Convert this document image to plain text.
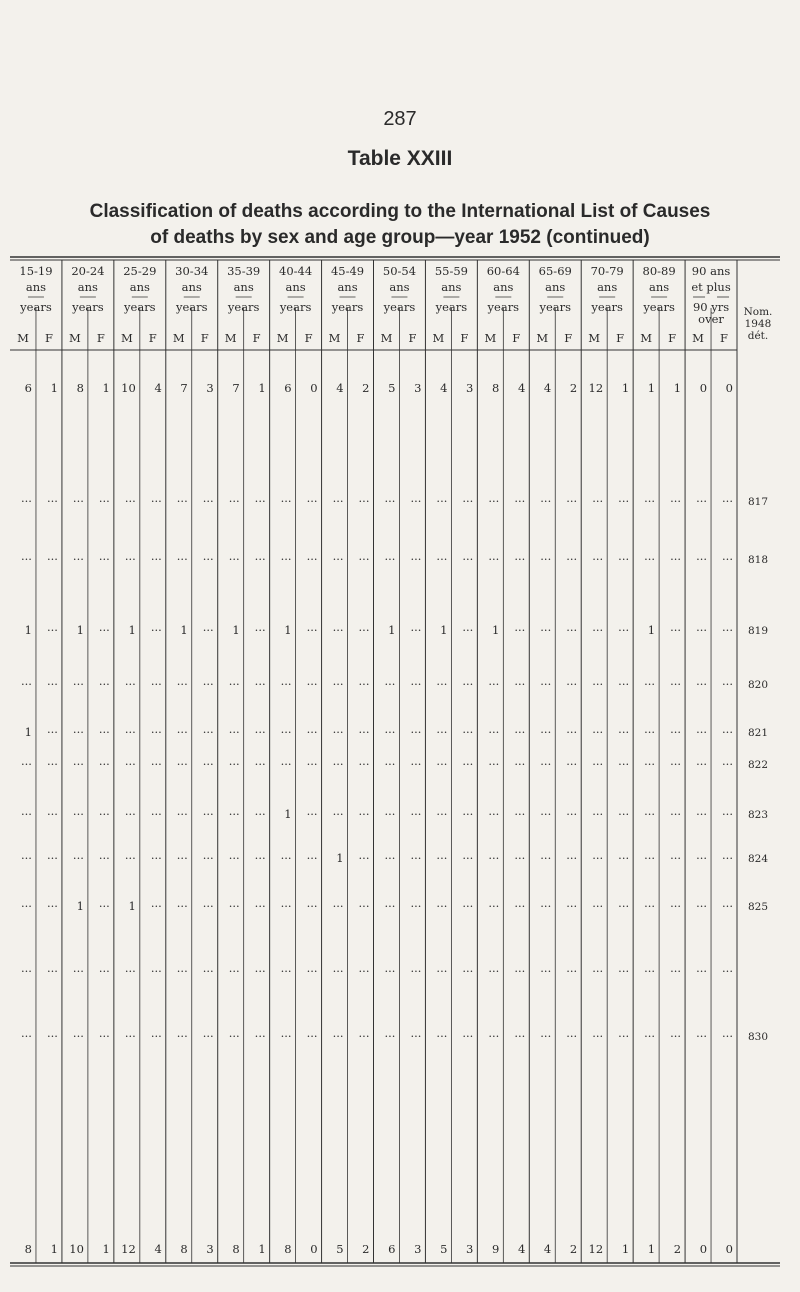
287
Table XXIII
Classification of deaths according to the International List of Causes
of deaths by sex and age group—year 1952 (continued)
15-19
ans
years
20-24
ans
years
25-29
ans
years
30-34
ans
years
35-39
ans
years
40-44
ans
years
45-49
ans
years
50-54
ans
years
55-59
ans
years
60-64
ans
years
65-69
ans
years
70-79
ans
years
80-89
ans
years
90 ans
et plus
90 yrs
over
M F M F M F M F M F M F M F M F M F M F M F M F M F M F
Nom.
1948
dét.
6 1 8 1 10 4 7 3 7 1 6 0 4 2 5 3 4 3 8 4 4 2 12 1 1 1 0 0
··· ··· ··· ··· ··· ··· ··· ··· ··· ··· ··· ··· ··· ··· ··· ··· ··· ··· ··· ··· ··· ··· ··· ··· ··· ··· ··· ··· 817
··· ··· ··· ··· ··· ··· ··· ··· ··· ··· ··· ··· ··· ··· ··· ··· ··· ··· ··· ··· ··· ··· ··· ··· ··· ··· ··· ··· 818
1 ··· 1 ··· 1 ··· 1 ··· 1 ··· 1 ··· ··· ··· 1 ··· 1 ··· 1 ··· ··· ··· ··· ··· 1 ··· ··· ··· 819
··· ··· ··· ··· ··· ··· ··· ··· ··· ··· ··· ··· ··· ··· ··· ··· ··· ··· ··· ··· ··· ··· ··· ··· ··· ··· ··· ··· 820
1 ··· ··· ··· ··· ··· ··· ··· ··· ··· ··· ··· ··· ··· ··· ··· ··· ··· ··· ··· ··· ··· ··· ··· ··· ··· ··· ··· 821
··· ··· ··· ··· ··· ··· ··· ··· ··· ··· ··· ··· ··· ··· ··· ··· ··· ··· ··· ··· ··· ··· ··· ··· ··· ··· ··· ··· 822
··· ··· ··· ··· ··· ··· ··· ··· ··· ··· 1 ··· ··· ··· ··· ··· ··· ··· ··· ··· ··· ··· ··· ··· ··· ··· ··· ··· 823
··· ··· ··· ··· ··· ··· ··· ··· ··· ··· ··· ··· 1 ··· ··· ··· ··· ··· ··· ··· ··· ··· ··· ··· ··· ··· ··· ··· 824
··· ··· 1 ··· 1 ··· ··· ··· ··· ··· ··· ··· ··· ··· ··· ··· ··· ··· ··· ··· ··· ··· ··· ··· ··· ··· ··· ··· 825
··· ··· ··· ··· ··· ··· ··· ··· ··· ··· ··· ··· ··· ··· ··· ··· ··· ··· ··· ··· ··· ··· ··· ··· ··· ··· ··· ···
··· ··· ··· ··· ··· ··· ··· ··· ··· ··· ··· ··· ··· ··· ··· ··· ··· ··· ··· ··· ··· ··· ··· ··· ··· ··· ··· ··· 830
8 1 10 1 12 4 8 3 8 1 8 0 5 2 6 3 5 3 9 4 4 2 12 1 1 2 0 0
